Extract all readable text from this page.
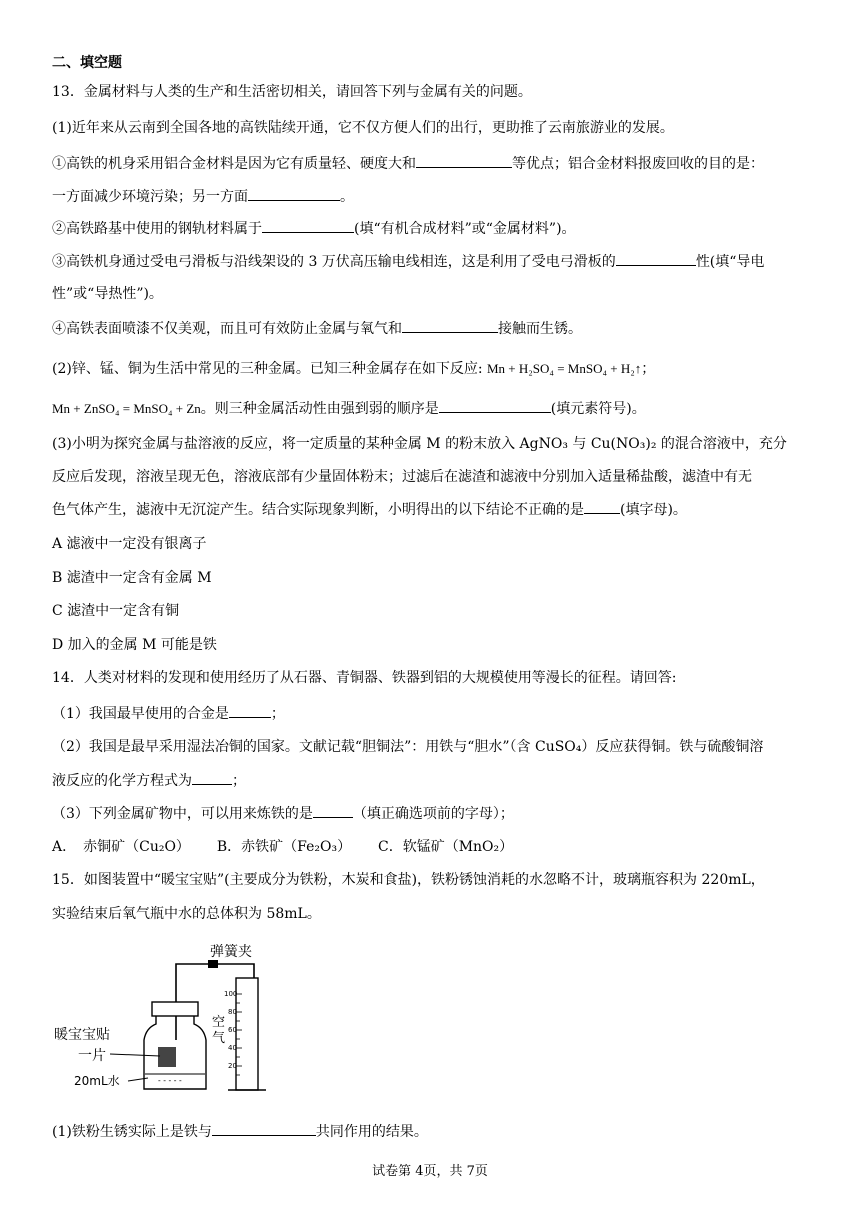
二、填空题
13．金属材料与人类的生产和生活密切相关，请回答下列与金属有关的问题。
(1)近年来从云南到全国各地的高铁陆续开通，它不仅方便人们的出行，更助推了云南旅游业的发展。
①高铁的机身采用铝合金材料是因为它有质量轻、硬度大和	等优点；铝合金材料报废回收的目的是：
一方面减少环境污染；另一方面	。
②高铁路基中使用的钢轨材料属于	(填“有机合成材料”或“金属材料”)。
③高铁机身通过受电弓滑板与沿线架设的 3 万伏高压输电线相连，这是利用了受电弓滑板的	性(填“导电
性”或“导热性”)。
④高铁表面喷漆不仅美观，而且可有效防止金属与氧气和	接触而生锈。
(2)锌、锰、铜为生活中常见的三种金属。已知三种金属存在如下反应: Mn + H₂SO₄ = MnSO₄ + H₂↑；
Mn + ZnSO₄ = MnSO₄ + Zn。则三种金属活动性由强到弱的顺序是	(填元素符号)。
(3)小明为探究金属与盐溶液的反应，将一定质量的某种金属 M 的粉末放入 AgNO₃ 与 Cu(NO₃)₂ 的混合溶液中，充分
反应后发现，溶液呈现无色，溶液底部有少量固体粉末；过滤后在滤渣和滤液中分别加入适量稀盐酸，滤渣中有无
色气体产生，滤液中无沉淀产生。结合实际现象判断，小明得出的以下结论不正确的是	(填字母)。
A 滤液中一定没有银离子
B 滤渣中一定含有金属 M
C 滤渣中一定含有铜
D 加入的金属 M 可能是铁
14．人类对材料的发现和使用经历了从石器、青铜器、铁器到铝的大规模使用等漫长的征程。请回答:
（1）我国最早使用的合金是	；
（2）我国是最早采用湿法冶铜的国家。文献记载“胆铜法”：用铁与“胆水”（含 CuSO₄）反应获得铜。铁与硫酸铜溶
液反应的化学方程式为	；
（3）下列金属矿物中，可以用来炼铁的是	（填正确选项前的字母）；
A．　赤铜矿（Cu₂O） B．赤铁矿（Fe₂O₃） C．软锰矿（MnO₂）
15．如图装置中“暖宝宝贴”(主要成分为铁粉，木炭和食盐)，铁粉锈蚀消耗的水忽略不计，玻璃瓶容积为 220mL，
实验结束后氧气瓶中水的总体积为 58mL。
弹簧夹
- - - - -
暖宝宝贴
一片
20mL水
空
气
100
80
60
40
20
(1)铁粉生锈实际上是铁与	共同作用的结果。
试卷第 4页，共 7页
